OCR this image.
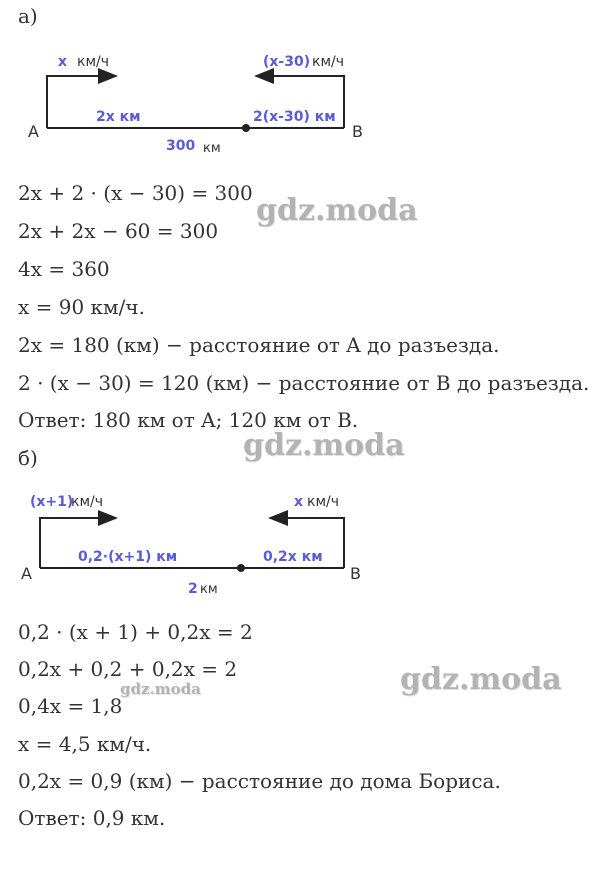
а)
x км/ч	(x-30) км/ч
2x км	2(x-30) км
300 км
A	B
2x + 2 · (x − 30) = 300
2x + 2x − 60 = 300
4x = 360
x = 90 км/ч.
2x = 180 (км) − расстояние от A до разъезда.
2 · (x − 30) = 120 (км) − расстояние от B до разъезда.
Ответ: 180 км от A; 120 км от B.
б)
(x+1)
км/ч	x км/ч
0,2·(x+1) км	0,2x км
2 км
A	B
0,2 · (x + 1) + 0,2x = 2
0,2x + 0,2 + 0,2x = 2
0,4x = 1,8
x = 4,5 км/ч.
0,2x = 0,9 (км) − расстояние до дома Бориса.
Ответ: 0,9 км.
gdz.moda
gdz.moda
gdz.moda
gdz.moda
